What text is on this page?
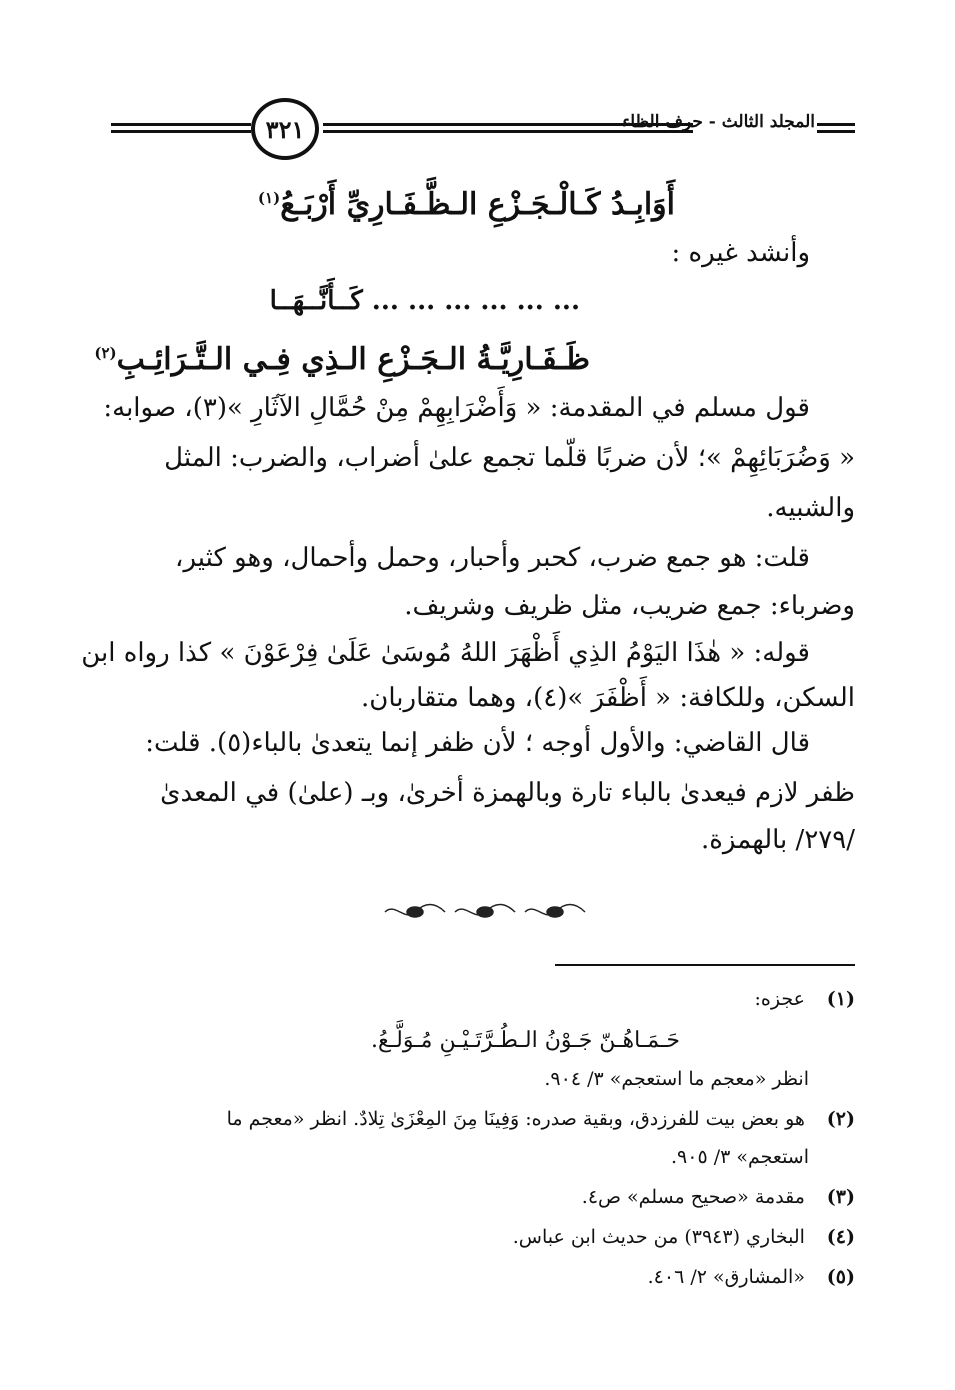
٣٢١	المجلد الثالث - حرف الظاء
أَوَابِـدُ كَـالْـجَـزْعِ الـظَّـفَـارِيِّ أَرْبَـعُ$^{(١)}$
وأنشد غيره :
... ... ... ... ... ... كَــأَنَّــهَــا
ظَـفَـارِيَّـةُ الـجَـزْعِ الـذِي فِـي الـتَّـرَائِـبِ$^{(٢)}$
قول مسلم في المقدمة: « وَأَضْرَابِهِمْ مِنْ حُمَّالِ الآثَارِ »(٣)، صوابه:
« وَضُرَبَائِهِمْ »؛ لأن ضربًا قلّما تجمع علىٰ أضراب، والضرب: المثل
والشبيه.
قلت: هو جمع ضرب، كحبر وأحبار، وحمل وأحمال، وهو كثير،
وضرباء: جمع ضريب، مثل ظريف وشريف.
قوله: « هٰذَا اليَوْمُ الذِي أَظْهَرَ اللهُ مُوسَىٰ عَلَىٰ فِرْعَوْنَ » كذا رواه ابن
السكن، وللكافة: « أَظْفَرَ »(٤)، وهما متقاربان.
قال القاضي: والأول أوجه ؛ لأن ظفر إنما يتعدىٰ بالباء(٥). قلت:
ظفر لازم فيعدىٰ بالباء تارة وبالهمزة أخرىٰ، وبـ (علىٰ) في المعدىٰ
/٢٧٩/ بالهمزة.
(١) عجزه:
حَـمَـاهُـنّ جَـوْنُ الـطُـرَّتَـيْـنِ مُـوَلَّـعُ.
انظر «معجم ما استعجم» ٣/ ٩٠٤.
(٢) هو بعض بيت للفرزدق، وبقية صدره: وَفِينَا مِنَ المِعْزَىٰ تِلادٌ. انظر «معجم ما
استعجم» ٣/ ٩٠٥.
(٣) مقدمة «صحيح مسلم» ص٤.
(٤) البخاري (٣٩٤٣) من حديث ابن عباس.
(٥) «المشارق» ٢/ ٤٠٦.
